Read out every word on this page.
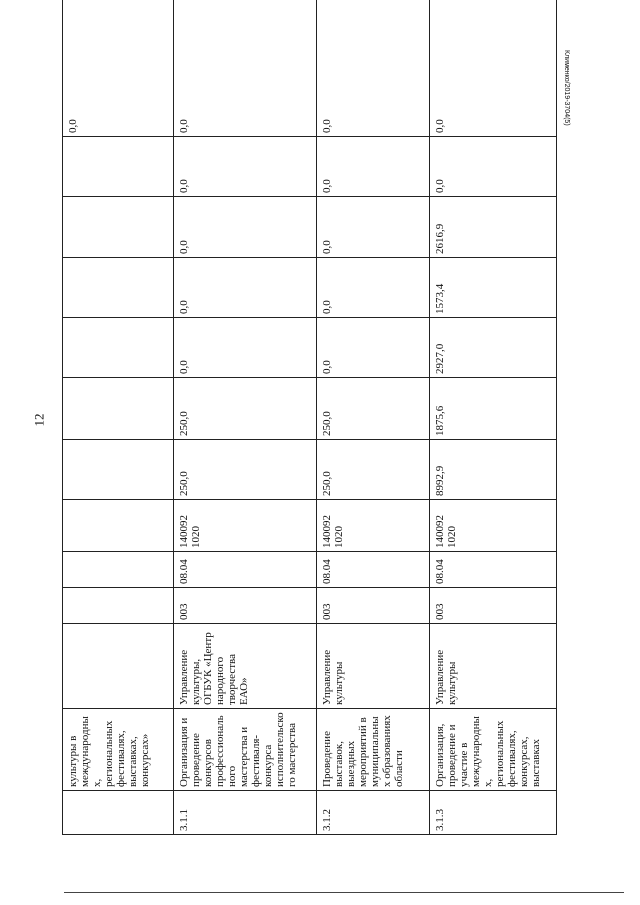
12
Клименко/2019-3704(5)
	культуры в международных, региональных фестивалях, выставках, конкурсах»											0,0
3.1.1	Организация и проведение конкурсов профессионального мастерства и фестиваля-конкурса исполнительского мастерства	Управление культуры, ОГБУК «Центр народного творчества ЕАО»	003	08.04	140092 1020	250,0	250,0	0,0	0,0	0,0	0,0	0,0
3.1.2	Проведение выставок, выездных мероприятий в муниципальных образованиях области	Управление культуры	003	08.04	140092 1020	250,0	250,0	0,0	0,0	0,0	0,0	0,0
3.1.3	Организация, проведение и участие в международных, региональных фестивалях, конкурсах, выставках	Управление культуры	003	08.04	140092 1020	8992,9	1875,6	2927,0	1573,4	2616,9	0,0	0,0
